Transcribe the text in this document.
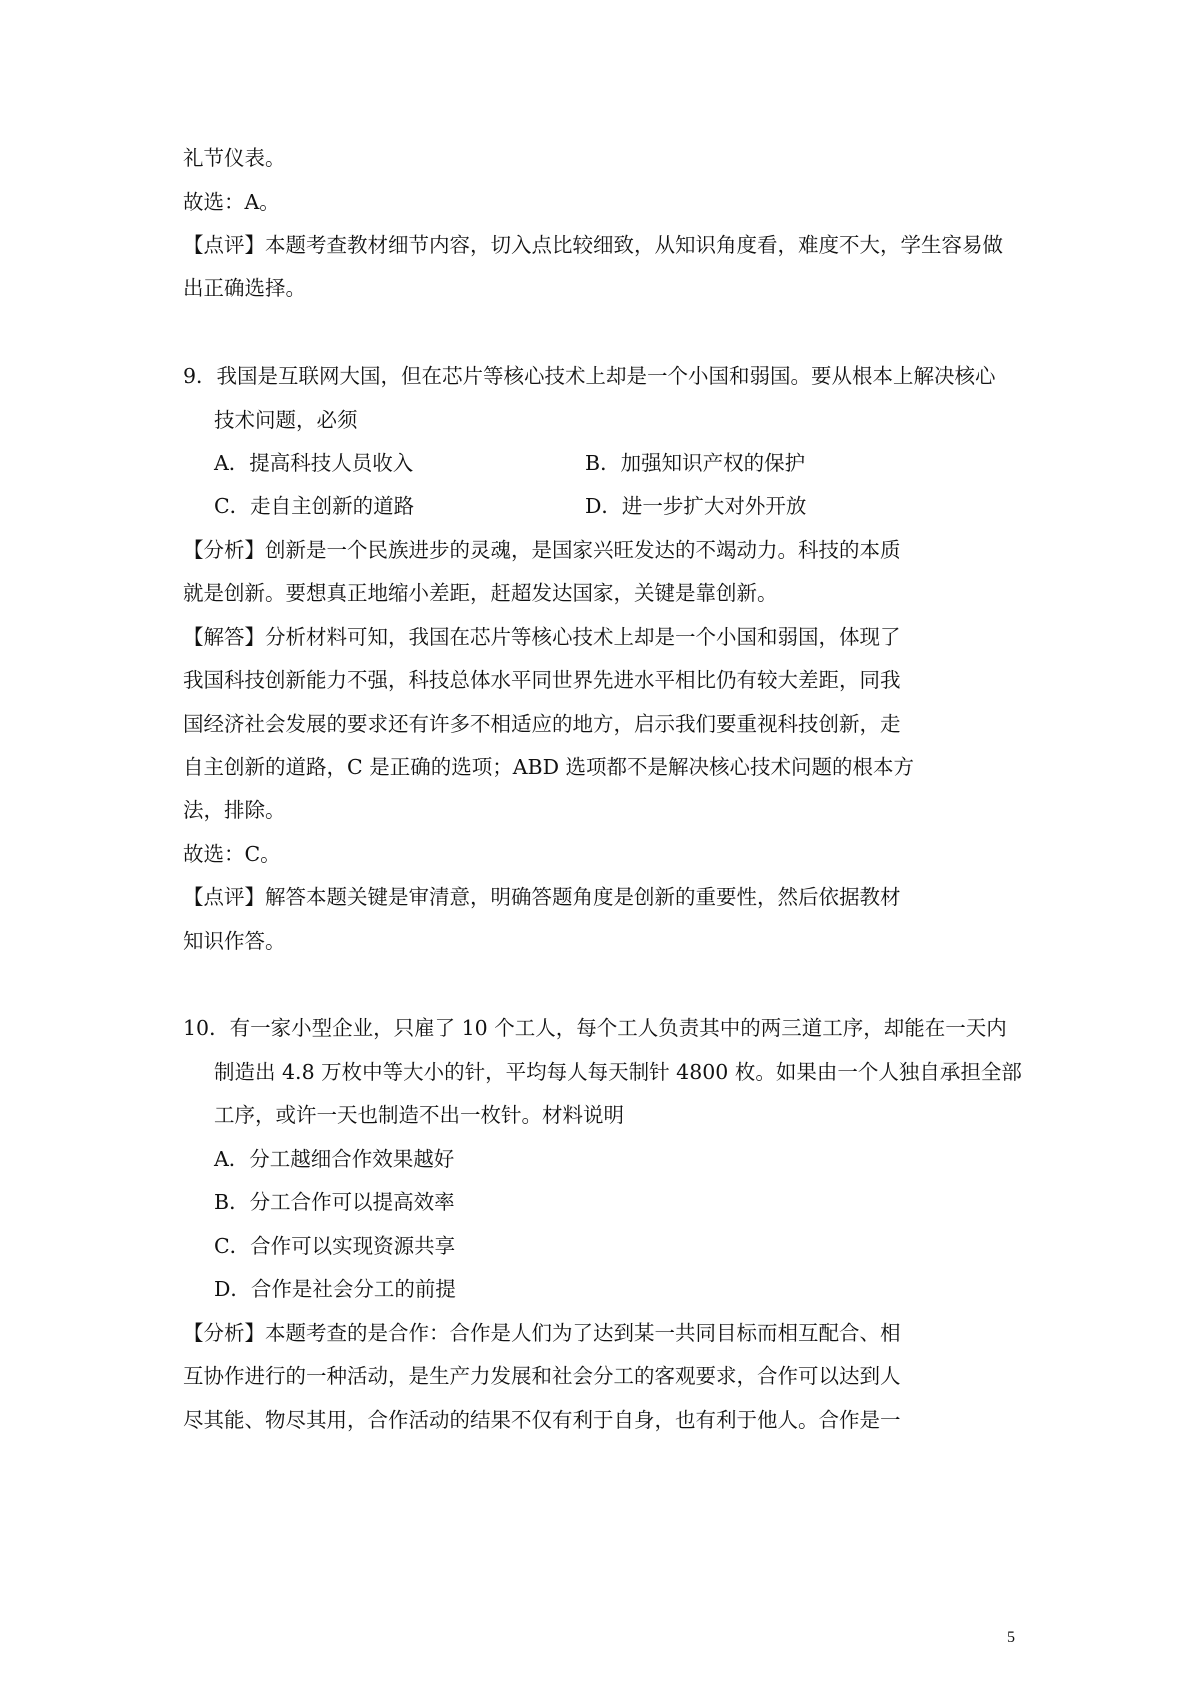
礼节仪表。
故选：A。
【点评】本题考查教材细节内容，切入点比较细致，从知识角度看，难度不大，学生容易做
出正确选择。
9．我国是互联网大国，但在芯片等核心技术上却是一个小国和弱国。要从根本上解决核心
技术问题，必须
A．提高科技人员收入	B．加强知识产权的保护
C．走自主创新的道路	D．进一步扩大对外开放
【分析】创新是一个民族进步的灵魂，是国家兴旺发达的不竭动力。科技的本质
就是创新。要想真正地缩小差距，赶超发达国家，关键是靠创新。
【解答】分析材料可知，我国在芯片等核心技术上却是一个小国和弱国，体现了
我国科技创新能力不强，科技总体水平同世界先进水平相比仍有较大差距，同我
国经济社会发展的要求还有许多不相适应的地方，启示我们要重视科技创新，走
自主创新的道路，C 是正确的选项；ABD 选项都不是解决核心技术问题的根本方
法，排除。
故选：C。
【点评】解答本题关键是审清意，明确答题角度是创新的重要性，然后依据教材
知识作答。
10．有一家小型企业，只雇了 10 个工人，每个工人负责其中的两三道工序，却能在一天内
制造出 4.8 万枚中等大小的针，平均每人每天制针 4800 枚。如果由一个人独自承担全部
工序，或许一天也制造不出一枚针。材料说明
A．分工越细合作效果越好
B．分工合作可以提高效率
C．合作可以实现资源共享
D．合作是社会分工的前提
【分析】本题考查的是合作：合作是人们为了达到某一共同目标而相互配合、相
互协作进行的一种活动，是生产力发展和社会分工的客观要求，合作可以达到人
尽其能、物尽其用，合作活动的结果不仅有利于自身，也有利于他人。合作是一
5
